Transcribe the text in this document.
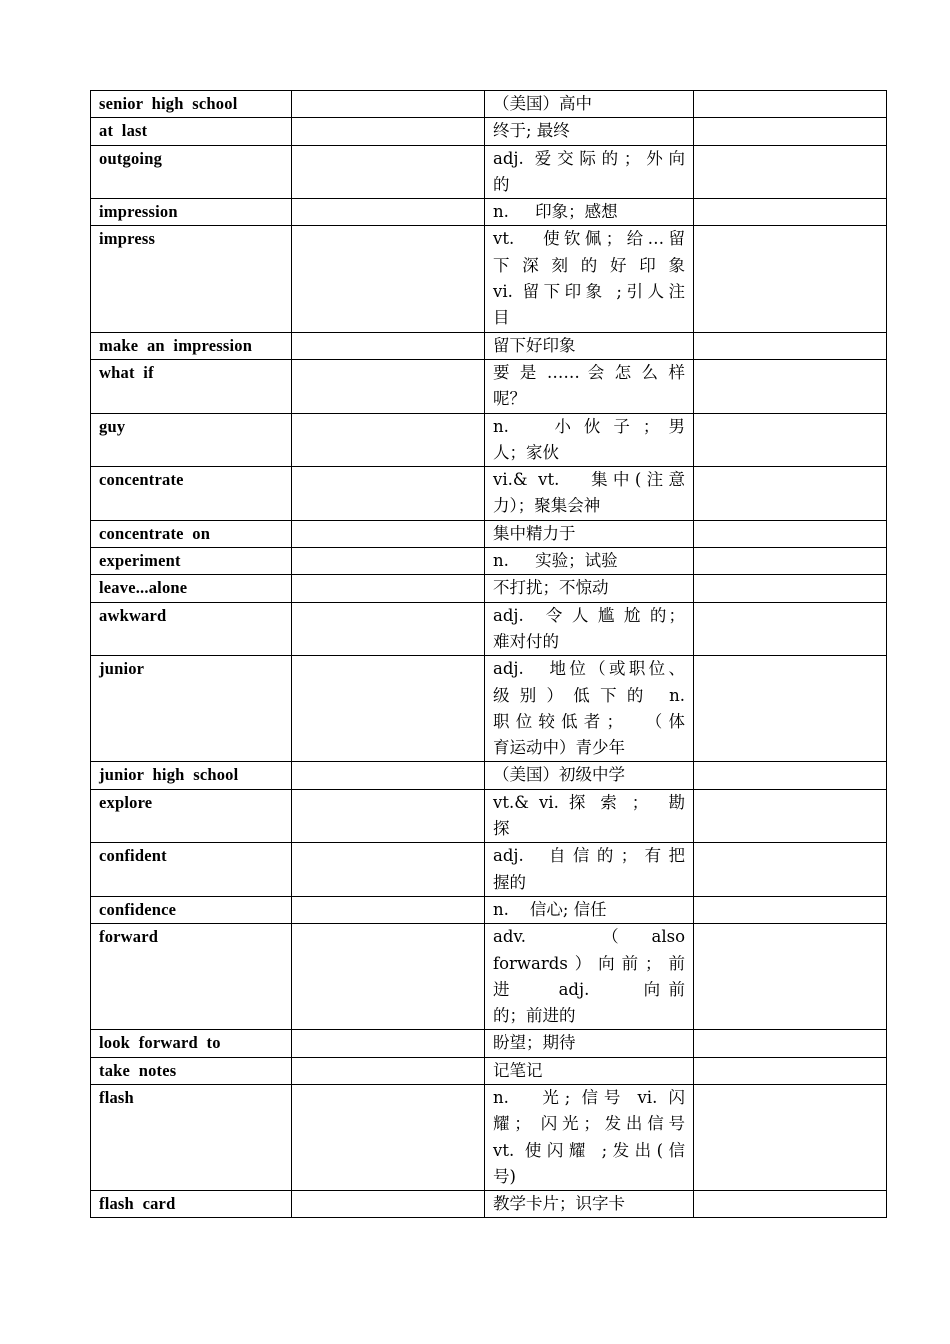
senior  high  school		（美国）高中	

at  last		终于; 最终	

outgoing		adj. 爱交际的；外向
的	

impression		n.     印象；感想	

impress		vt.   使钦佩；给…留
下 深 刻 的 好 印 象
vi. 留下印象 ;引人注
目	

make  an  impression		留下好印象	

what  if		要 是 …… 会 怎 么 样
呢？	

guy		n.     小 伙 子 ； 男
人；家伙	

concentrate		vi.& vt.   集中(注意
力）；聚集会神	

concentrate  on		集中精力于	

experiment		n.     实验；试验	

leave...alone		不打扰；不惊动	

awkward		adj.   令 人 尴 尬 的；
难对付的	

junior		adj.   地位（或职位、
级 别 ） 低 下 的   n.
职位较低者；  （体
育运动中）青少年	

junior  high  school		（美国）初级中学	

explore		vt.& vi. 探 索 ；  勘
探	

confident		adj.  自信的；有把
握的	

confidence		n.    信心; 信任	

forward		adv.  （also
forwards）向前；前
进   adj.    向前
的；前进的	

look  forward  to		盼望；期待	

take  notes		记笔记	

flash		n.   光; 信号 vi. 闪
耀； 闪光；发出信号
vt. 使闪耀 ;发出(信
号)	

flash  card		教学卡片；识字卡	
